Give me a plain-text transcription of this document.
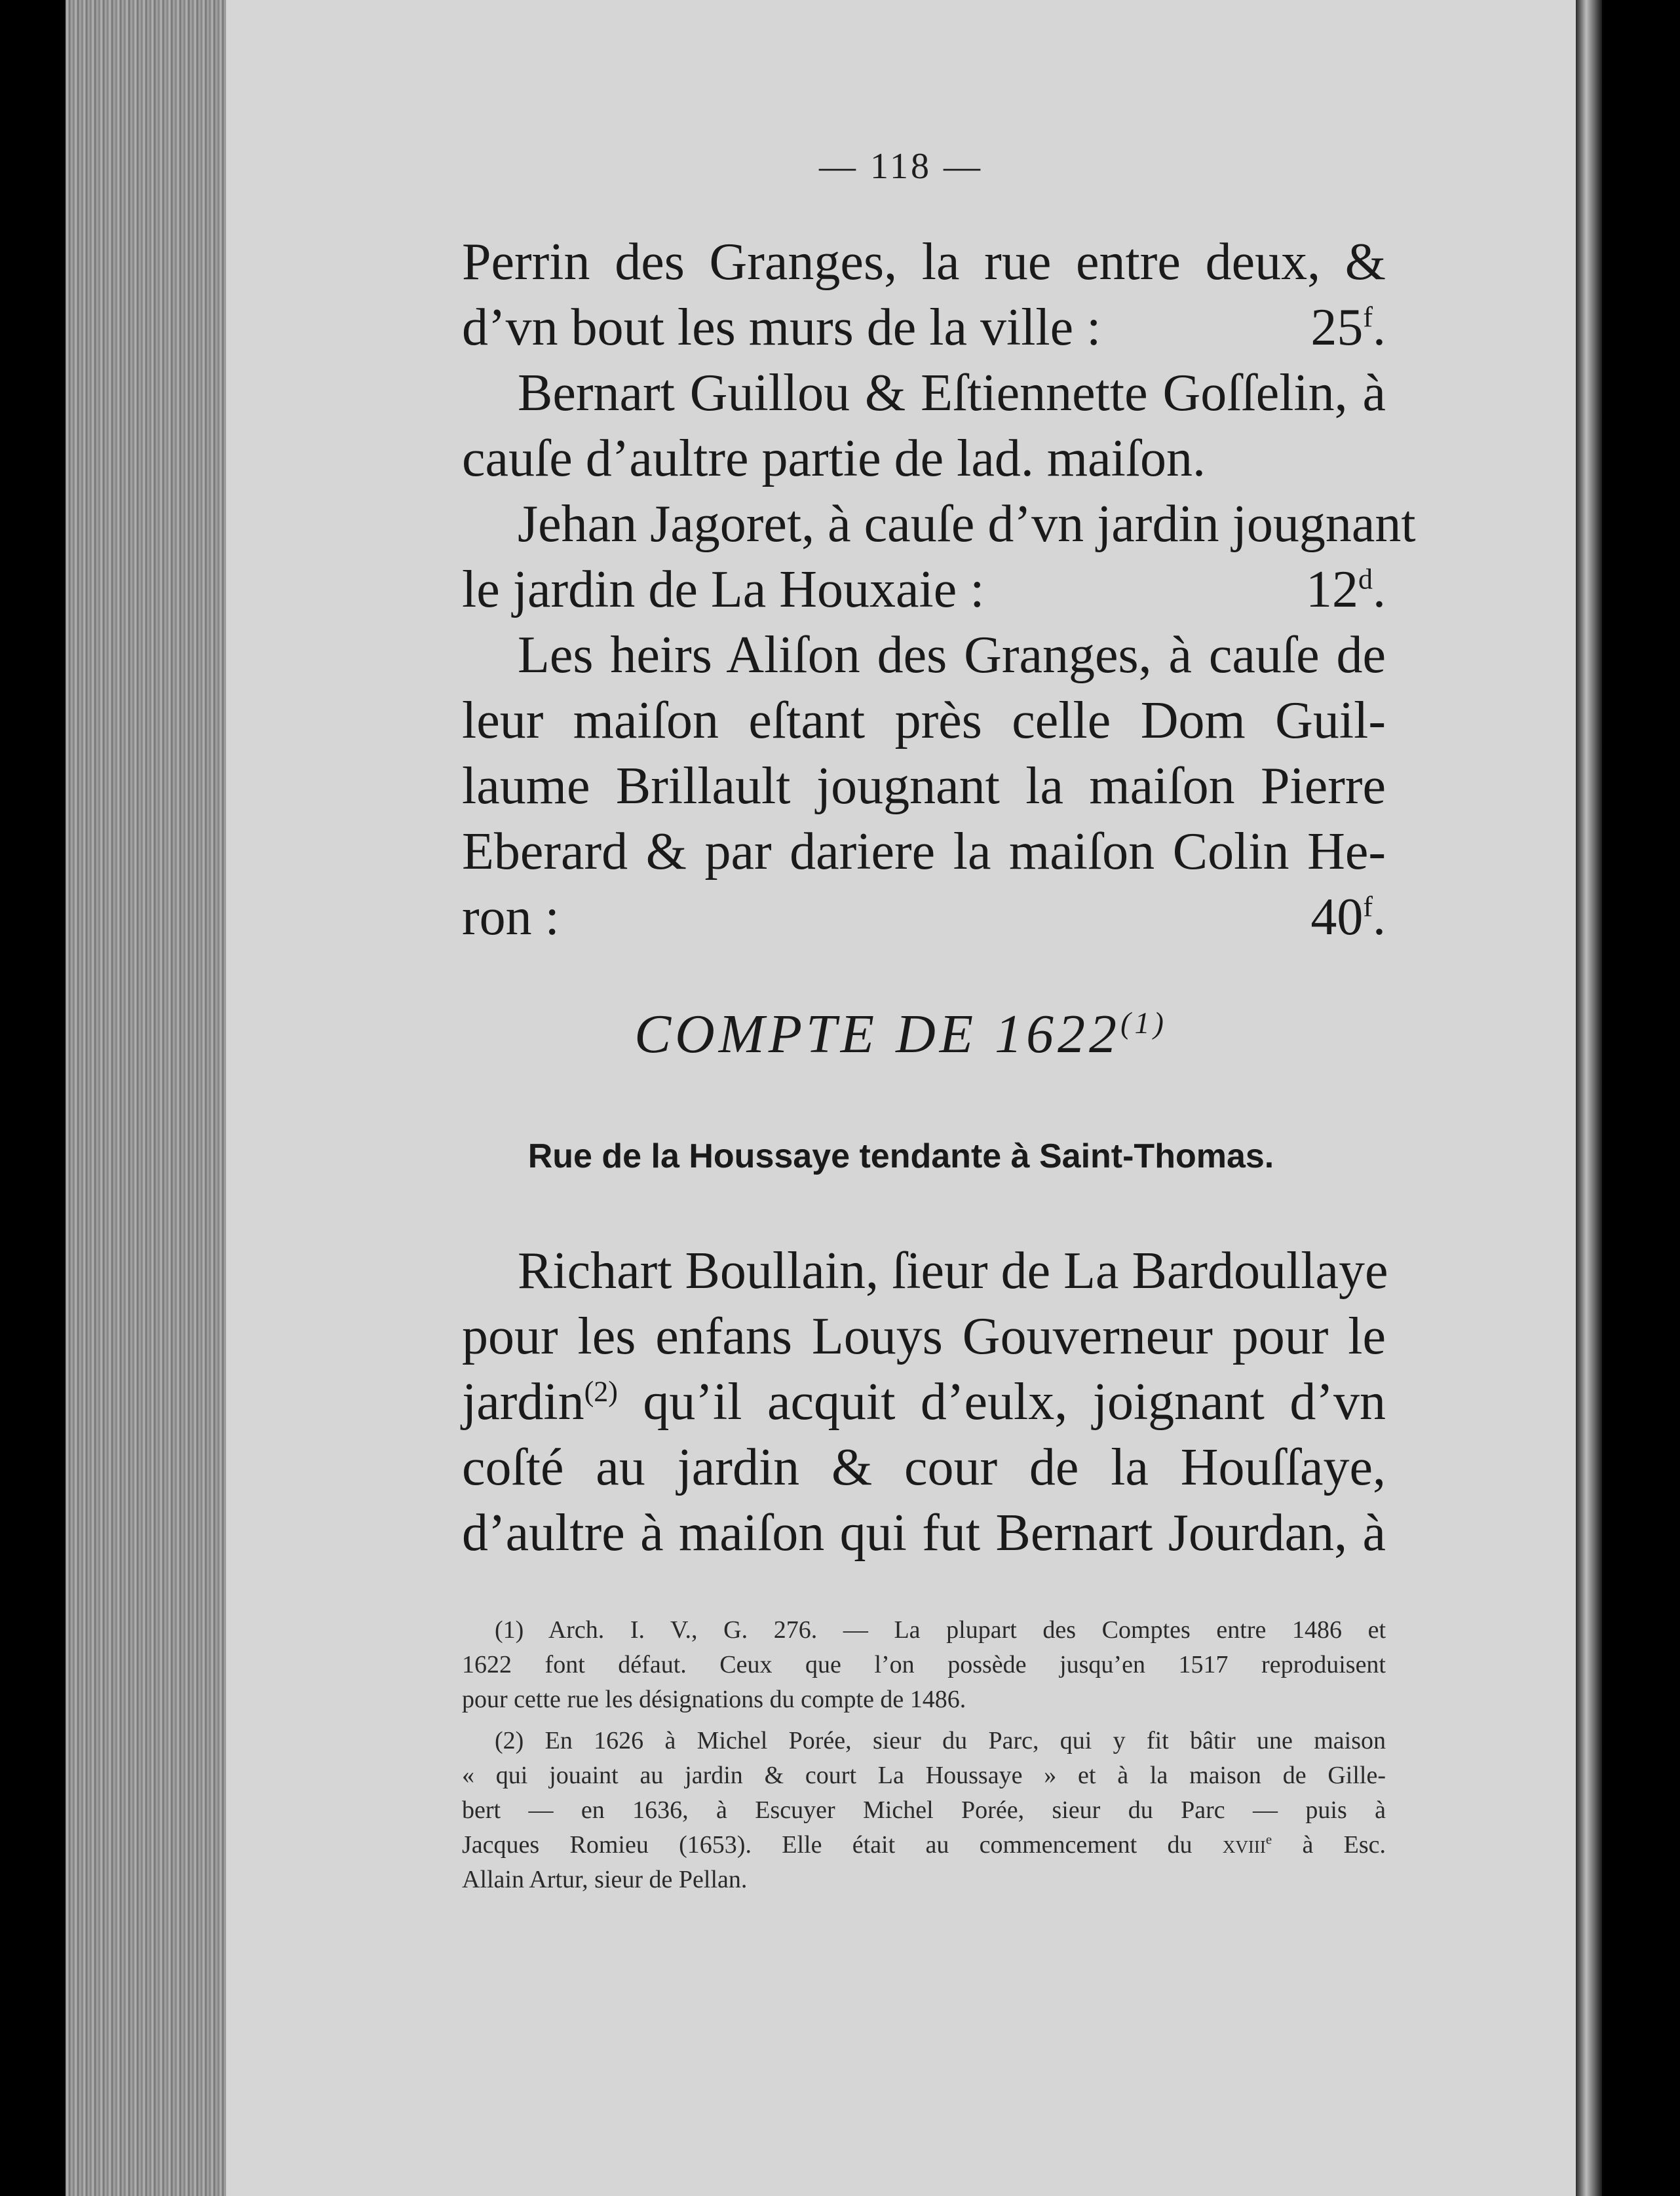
— 118 —
Perrin des Granges, la rue entre deux, &
d’vn bout les murs de la ville :	25$^f$.
Bernart Guillou & Eſtiennette Goſſelin, à
cauſe d’aultre partie de lad. maiſon.
Jehan Jagoret, à cauſe d’vn jardin jougnant
le jardin de La Houxaie :	12$^d$.
Les heirs Aliſon des Granges, à cauſe de
leur maiſon eſtant près celle Dom Guil-
laume Brillault jougnant la maiſon Pierre
Eberard & par dariere la maiſon Colin He-
ron :	40$^f$.
COMPTE DE 1622$^{(1)}$
Rue de la Houssaye tendante à Saint-Thomas.
Richart Boullain, ſieur de La Bardoullaye
pour les enfans Louys Gouverneur pour le
jardin$^{(2)}$ qu’il acquit d’eulx, joignant d’vn
coſté au jardin & cour de la Houſſaye,
d’aultre à maiſon qui fut Bernart Jourdan, à
(1) Arch. I. V., G. 276. — La plupart des Comptes entre 1486 et
1622 font défaut. Ceux que l’on possède jusqu’en 1517 reproduisent
pour cette rue les désignations du compte de 1486.
(2) En 1626 à Michel Porée, sieur du Parc, qui y fit bâtir une maison
« qui jouaint au jardin & court La Houssaye » et à la maison de Gille-
bert — en 1636, à Escuyer Michel Porée, sieur du Parc — puis à
Jacques Romieu (1653). Elle était au commencement du xviii$^e$ à Esc.
Allain Artur, sieur de Pellan.
